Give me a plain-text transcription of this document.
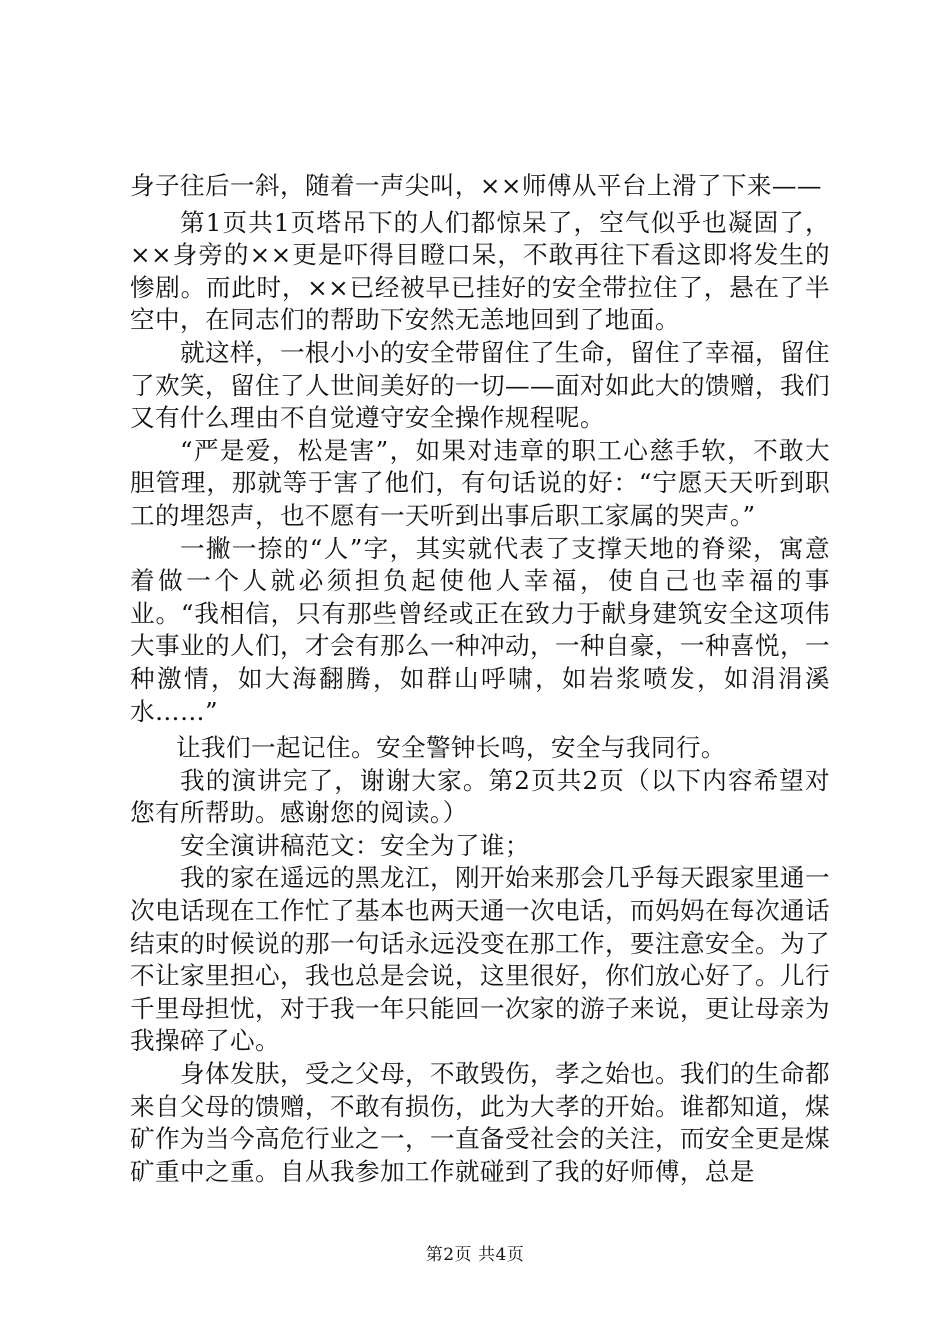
身子往后一斜，随着一声尖叫，××师傅从平台上滑了下来——

第1页共1页塔吊下的人们都惊呆了，空气似乎也凝固了，××身旁的××更是吓得目瞪口呆，不敢再往下看这即将发生的惨剧。而此时，××已经被早已挂好的安全带拉住了，悬在了半空中，在同志们的帮助下安然无恙地回到了地面。

就这样，一根小小的安全带留住了生命，留住了幸福，留住了欢笑，留住了人世间美好的一切——面对如此大的馈赠，我们又有什么理由不自觉遵守安全操作规程呢。

“严是爱，松是害”，如果对违章的职工心慈手软，不敢大胆管理，那就等于害了他们，有句话说的好：“宁愿天天听到职工的埋怨声，也不愿有一天听到出事后职工家属的哭声。”

一撇一捺的“人”字，其实就代表了支撑天地的脊梁，寓意着做一个人就必须担负起使他人幸福，使自己也幸福的事业。“我相信，只有那些曾经或正在致力于献身建筑安全这项伟大事业的人们，才会有那么一种冲动，一种自豪，一种喜悦，一种激情，如大海翻腾，如群山呼啸，如岩浆喷发，如涓涓溪水……”

让我们一起记住。安全警钟长鸣，安全与我同行。

我的演讲完了，谢谢大家。第2页共2页（以下内容希望对您有所帮助。感谢您的阅读。）

安全演讲稿范文：安全为了谁；

我的家在遥远的黑龙江，刚开始来那会几乎每天跟家里通一次电话现在工作忙了基本也两天通一次电话，而妈妈在每次通话结束的时候说的那一句话永远没变在那工作，要注意安全。为了不让家里担心，我也总是会说，这里很好，你们放心好了。儿行千里母担忧，对于我一年只能回一次家的游子来说，更让母亲为我操碎了心。

身体发肤，受之父母，不敢毁伤，孝之始也。我们的生命都来自父母的馈赠，不敢有损伤，此为大孝的开始。谁都知道，煤矿作为当今高危行业之一，一直备受社会的关注，而安全更是煤矿重中之重。自从我参加工作就碰到了我的好师傅，总是

第2页 共4页
